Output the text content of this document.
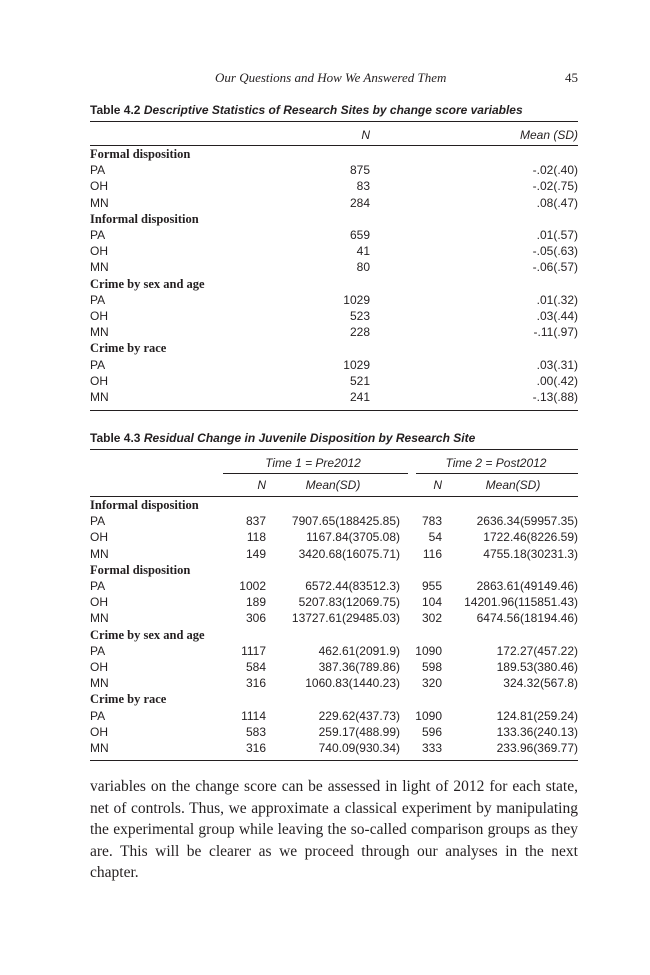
Our Questions and How We Answered Them	45
Table 4.2 Descriptive Statistics of Research Sites by change score variables
	N	Mean (SD)
Formal disposition		
PA	875	-.02(.40)
OH	83	-.02(.75)
MN	284	.08(.47)
Informal disposition		
PA	659	.01(.57)
OH	41	-.05(.63)
MN	80	-.06(.57)
Crime by sex and age		
PA	1029	.01(.32)
OH	523	.03(.44)
MN	228	-.11(.97)
Crime by race		
PA	1029	.03(.31)
OH	521	.00(.42)
MN	241	-.13(.88)
Table 4.3 Residual Change in Juvenile Disposition by Research Site
	Time 1 = Pre2012		Time 2 = Post2012	
	N	Mean(SD)	N	Mean(SD)
Informal disposition				
PA	837	7907.65(188425.85)	783	2636.34(59957.35)
OH	118	1167.84(3705.08)	54	1722.46(8226.59)
MN	149	3420.68(16075.71)	116	4755.18(30231.3)
Formal disposition				
PA	1002	6572.44(83512.3)	955	2863.61(49149.46)
OH	189	5207.83(12069.75)	104	14201.96(115851.43)
MN	306	13727.61(29485.03)	302	6474.56(18194.46)
Crime by sex and age				
PA	1117	462.61(2091.9)	1090	172.27(457.22)
OH	584	387.36(789.86)	598	189.53(380.46)
MN	316	1060.83(1440.23)	320	324.32(567.8)
Crime by race				
PA	1114	229.62(437.73)	1090	124.81(259.24)
OH	583	259.17(488.99)	596	133.36(240.13)
MN	316	740.09(930.34)	333	233.96(369.77)

variables on the change score can be assessed in light of 2012 for each state, net of controls. Thus, we approximate a classical experiment by manipulating the experimental group while leaving the so-called comparison groups as they are. This will be clearer as we proceed through our analyses in the next chapter.
